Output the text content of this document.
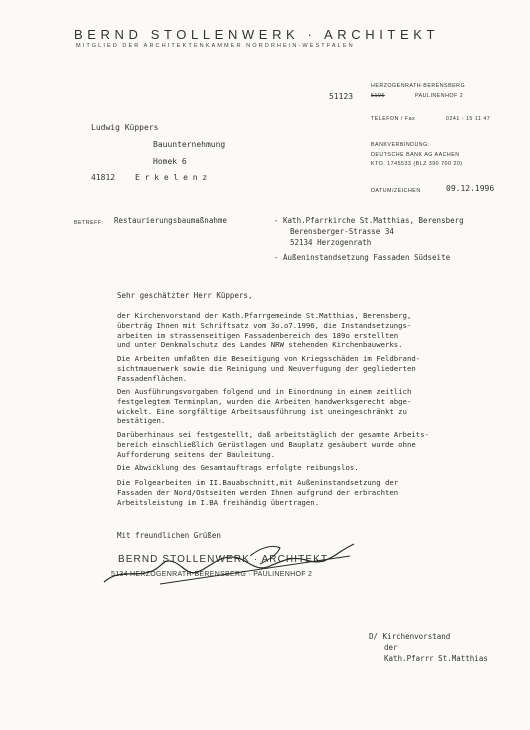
BERND STOLLENWERK · ARCHITEKT
MITGLIED DER ARCHITEKTENKAMMER NORDRHEIN-WESTFALEN
51123
HERZOGENRATH-BERENSBERG
5106	PAULINENHOF 2
TELEFON / Fax	0241 - 15 11 47
BANKVERBINDUNG:
DEUTSCHE BANK AG AACHEN
KTO. 1745533 (BLZ 390 700 20)
Ludwig Küppers
Bauunternehmung
Homek 6
41812 E r k e l e n z
DATUM/ZEICHEN	09.12.1996
BETREFF: Restaurierungsbaumaßnahme	- Kath.Pfarrkirche St.Matthias, Berensberg
Berensberger-Strasse 34
52134 Herzogenrath
- Außeninstandsetzung Fassaden Südseite
Sehr geschätzter Herr Küppers,
der Kirchenvorstand der Kath.Pfarrgemeinde St.Matthias, Berensberg,
überträg Ihnen mit Schriftsatz vom 3o.o7.1996, die Instandsetzungs-
arbeiten im strassenseitigen Fassadenbereich des 189o erstellten
und unter Denkmalschutz des Landes NRW stehenden Kirchenbauwerks.
Die Arbeiten umfaßten die Beseitigung von Kriegsschäden im Feldbrand-
sichtmauerwerk sowie die Reinigung und Neuverfugung der gegliederten
Fassadenflächen.
Den Ausführungsvorgaben folgend und in Einordnung in einem zeitlich
festgelegtem Terminplan, wurden die Arbeiten handwerksgerecht abge-
wickelt. Eine sorgfältige Arbeitsausführung ist uneingeschränkt zu
bestätigen.
Darüberhinaus sei festgestellt, daß arbeitstäglich der gesamte Arbeits-
bereich einschließlich Gerüstlagen und Bauplatz gesäubert wurde ohne
Aufforderung seitens der Bauleitung.
Die Abwicklung des Gesamtauftrags erfolgte reibungslos.
Die Folgearbeiten im II.Bauabschnitt,mit Außeninstandsetzung der
Fassaden der Nord/Ostseiten werden Ihnen aufgrund der erbrachten
Arbeitsleistung im I.BA freihändig übertragen.
Mit freundlichen Grüßen
BERND STOLLENWERK · ARCHITEKT
5134 HERZOGENRATH-BERENSBERG · PAULINENHOF 2
D/ Kirchenvorstand
der
Kath.Pfarrr St.Matthias
